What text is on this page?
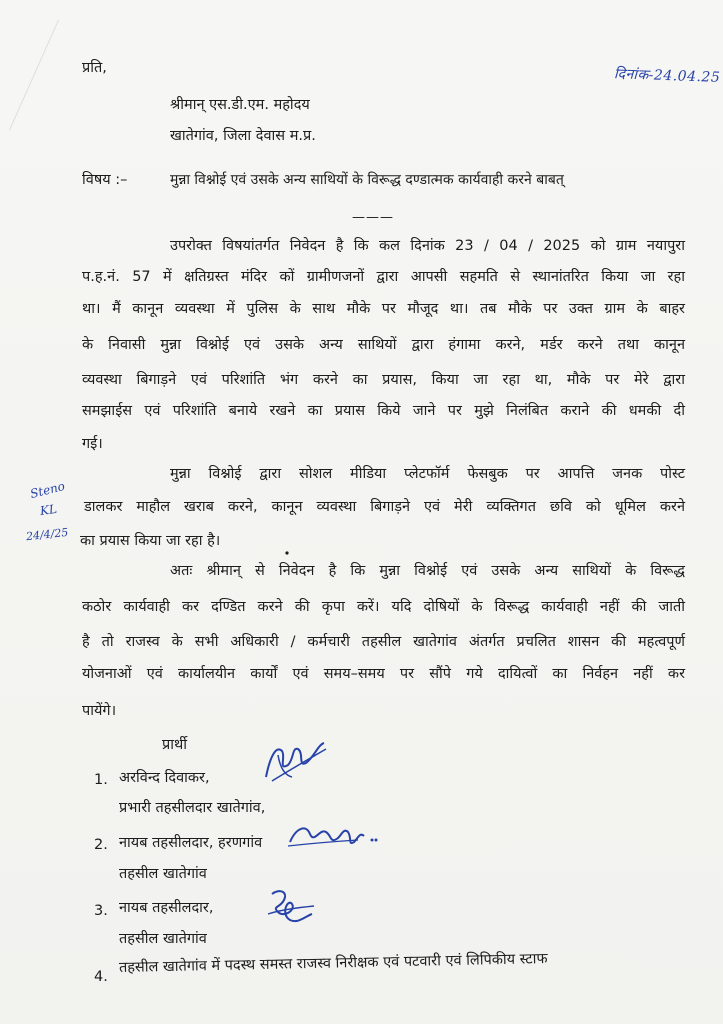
प्रति,	दिनांक-24.04.25
श्रीमान् एस.डी.एम. महोदय
खातेगांव, जिला देवास म.प्र.
विषय :–	मुन्ना विश्नोई एवं उसके अन्य साथियों के विरूद्ध दण्डात्मक कार्यवाही करने बाबत्
———
उपरोक्त विषयांतर्गत निवेदन है कि कल दिनांक 23 / 04 / 2025 को ग्राम नयापुरा
प.ह.नं. 57 में क्षतिग्रस्त मंदिर कों ग्रामीणजनों द्वारा आपसी सहमति से स्थानांतरित किया जा रहा
था। मैं कानून व्यवस्था में पुलिस के साथ मौके पर मौजूद था। तब मौके पर उक्त ग्राम के बाहर
के निवासी मुन्ना विश्नोई एवं उसके अन्य साथियों द्वारा हंगामा करने, मर्डर करने तथा कानून
व्यवस्था बिगाड़ने एवं परिशांति भंग करने का प्रयास, किया जा रहा था, मौके पर मेरे द्वारा
समझाईस एवं परिशांति बनाये रखने का प्रयास किये जाने पर मुझे निलंबित कराने की धमकी दी
गई।
मुन्ना विश्नोई द्वारा सोशल मीडिया प्लेटफॉर्म फेसबुक पर आपत्ति जनक पोस्ट
डालकर माहौल खराब करने, कानून व्यवस्था बिगाड़ने एवं मेरी व्यक्तिगत छवि को धूमिल करने
का प्रयास किया जा रहा है।
Steno
KL
24/4/25
अतः श्रीमान् से निवेदन है कि मुन्ना विश्नोई एवं उसके अन्य साथियों के विरूद्ध
कठोर कार्यवाही कर दण्डित करने की कृपा करें। यदि दोषियों के विरूद्ध कार्यवाही नहीं की जाती
है तो राजस्व के सभी अधिकारी / कर्मचारी तहसील खातेगांव अंतर्गत प्रचलित शासन की महत्वपूर्ण
योजनाओं एवं कार्यालयीन कार्यों एवं समय–समय पर सौंपे गये दायित्वों का निर्वहन नहीं कर
पायेंगे।
प्रार्थी
1. अरविन्द दिवाकर,
प्रभारी तहसीलदार खातेगांव,
2. नायब तहसीलदार, हरणगांव
तहसील खातेगांव
3. नायब तहसीलदार,
तहसील खातेगांव
4.
तहसील खातेगांव में पदस्थ समस्त राजस्व निरीक्षक एवं पटवारी एवं लिपिकीय स्टाफ
